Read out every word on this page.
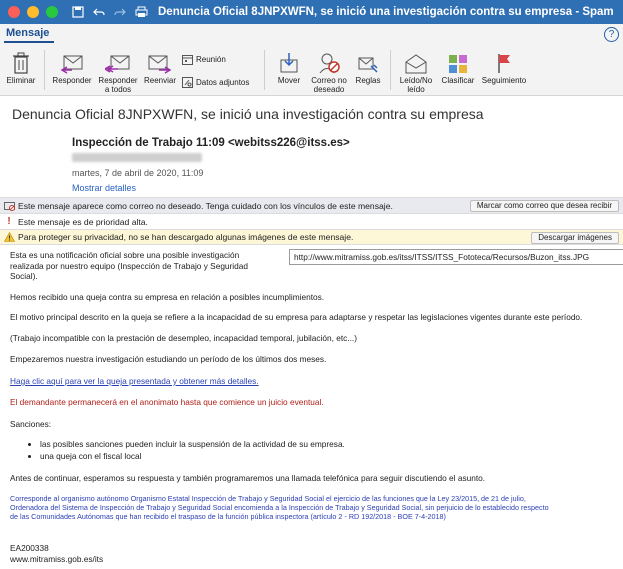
Denuncia Oficial 8JNPXWFN, se inició una investigación contra su empresa - Spam
Mensaje	?
Eliminar	Responder Responder
a todos
Reenviar
Reunión
Datos adjuntos	Mover	Correo no
deseado
Reglas	Leído/No
leído
Clasificar Seguimiento
Denuncia Oficial 8JNPXWFN, se inició una investigación contra su empresa
Inspección de Trabajo 11:09 <webitss226@itss.es>
martes, 7 de abril de 2020, 11:09
Mostrar detalles
Este mensaje aparece como correo no deseado. Tenga cuidado con los vínculos de este mensaje.	Marcar como correo que desea recibir
! Este mensaje es de prioridad alta.
Para proteger su privacidad, no se han descargado algunas imágenes de este mensaje.	Descargar imágenes
Esta es una notificación oficial sobre una posible investigación
realizada por nuestro equipo (Inspección de Trabajo y Seguridad
Social).
http://www.mitramiss.gob.es/itss/ITSS/ITSS_Fototeca/Recursos/Buzon_itss.JPG
Hemos recibido una queja contra su empresa en relación a posibles incumplimientos.
El motivo principal descrito en la queja se refiere a la incapacidad de su empresa para adaptarse y respetar las legislaciones vigentes durante este período.
(Trabajo incompatible con la prestación de desempleo, incapacidad temporal, jubilación, etc...)
Empezaremos nuestra investigación estudiando un período de los últimos dos meses.
Haga clic aquí para ver la queja presentada y obtener más detalles.
El demandante permanecerá en el anonimato hasta que comience un juicio eventual.
Sanciones:
• las posibles sanciones pueden incluir la suspensión de la actividad de su empresa.
• una queja con el fiscal local
Antes de continuar, esperamos su respuesta y también programaremos una llamada telefónica para seguir discutiendo el asunto.
Corresponde al organismo autónomo Organismo Estatal Inspección de Trabajo y Seguridad Social el ejercicio de las funciones que la Ley 23/2015, de 21 de julio,
Ordenadora del Sistema de Inspección de Trabajo y Seguridad Social encomienda a la Inspección de Trabajo y Seguridad Social, sin perjuicio de lo establecido respecto
de las Comunidades Autónomas que han recibido el traspaso de la función pública inspectora (artículo 2 - RD 192/2018 - BOE 7-4-2018)
EA200338
www.mitramiss.gob.es/its
